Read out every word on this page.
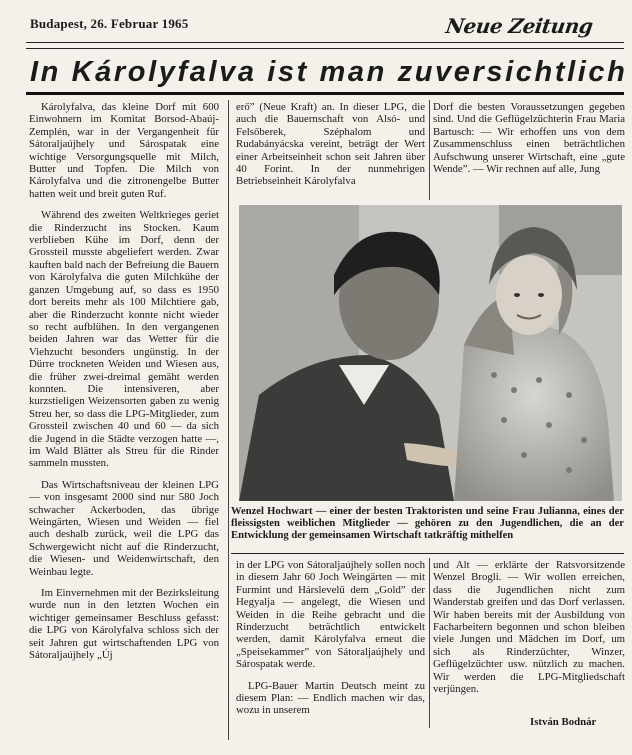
Budapest, 26. Februar 1965	Neue Zeitung
In Károlyfalva ist man zuversichtlich

Károlyfalva, das kleine Dorf mit 600 Einwohnern im Komitat Borsod-Abaúj-Zemplén, war in der Vergangenheit für Sátoraljaújhely und Sárospatak eine wichtige Versorgungsquelle mit Milch, Butter und Topfen. Die Milch von Károlyfalva und die zitronengelbe Butter hatten weit und breit guten Ruf.

Während des zweiten Weltkrieges geriet die Rinderzucht ins Stocken. Kaum verblieben Kühe im Dorf, denn der Grossteil musste abgeliefert werden. Zwar kauften bald nach der Befreiung die Bauern von Károlyfalva die guten Milchkühe der ganzen Umgebung auf, so dass es 1950 dort bereits mehr als 100 Milchtiere gab, aber die Rinderzucht konnte nicht wieder so recht aufblühen. In den vergangenen beiden Jahren war das Wetter für die Viehzucht besonders ungünstig. In der Dürre trockneten Weiden und Wiesen aus, die früher zwei-dreimal gemäht werden konnten. Die intensiveren, aber kurzstieligen Weizensorten gaben zu wenig Streu her, so dass die LPG-Mitglieder, zum Grossteil zwischen 40 und 60 — da sich die Jugend in die Städte verzogen hatte —, im Wald Blätter als Streu für die Rinder sammeln mussten.

Das Wirtschaftsniveau der kleinen LPG — von insgesamt 2000 sind nur 580 Joch schwacher Ackerboden, das übrige Weingärten, Wiesen und Weiden — fiel auch deshalb zurück, weil die LPG das Schwergewicht nicht auf die Rinderzucht, die Wiesen- und Weidenwirtschaft, den Weinbau legte.

Im Einvernehmen mit der Bezirksleitung wurde nun in den letzten Wochen ein wichtiger gemeinsamer Beschluss gefasst: die LPG von Károlyfalva schloss sich der seit Jahren gut wirtschaftenden LPG von Sátoraljaújhely „Új

erő” (Neue Kraft) an. In dieser LPG, die auch die Bauernschaft von Alsó- und Felsőberek, Széphalom und Rudabányácska vereint, beträgt der Wert einer Arbeitseinheit schon seit Jahren über 40 Forint. In der nunmehrigen Betriebseinheit Károlyfalva

Dorf die besten Voraussetzungen gegeben sind. Und die Geflügelzüchterin Frau Maria Bartusch: — Wir erhoffen uns von dem Zusammenschluss einen beträchtlichen Aufschwung unserer Wirtschaft, eine „gute Wende”. — Wir rechnen auf alle, Jung

Wenzel Hochwart — einer der besten Traktoristen und seine Frau Julianna, eines der fleissigsten weiblichen Mitglieder — gehören zu den Jugendlichen, die an der Entwicklung der gemeinsamen Wirtschaft tatkräftig mithelfen

in der LPG von Sátoraljaújhely sollen noch in diesem Jahr 60 Joch Weingärten — mit Furmint und Hárslevelű dem „Gold” der Hegyalja — angelegt, die Wiesen und Weiden in die Reihe gebracht und die Rinderzucht beträchtlich entwickelt werden, damit Károlyfalva erneut die „Speisekammer” von Sátoraljaújhely und Sárospatak werde.

LPG-Bauer Martin Deutsch meint zu diesem Plan: — Endlich machen wir das, wozu in unserem

und Alt — erklärte der Ratsvorsitzende Wenzel Brogli. — Wir wollen erreichen, dass die Jugendlichen nicht zum Wanderstab greifen und das Dorf verlassen. Wir haben bereits mit der Ausbildung von Facharbeitern begonnen und schon bleiben viele Jungen und Mädchen im Dorf, um sich als Rinderzüchter, Winzer, Geflügelzüchter usw. nützlich zu machen. Wir werden die LPG-Mitgliedschaft verjüngen.

István Bodnár
